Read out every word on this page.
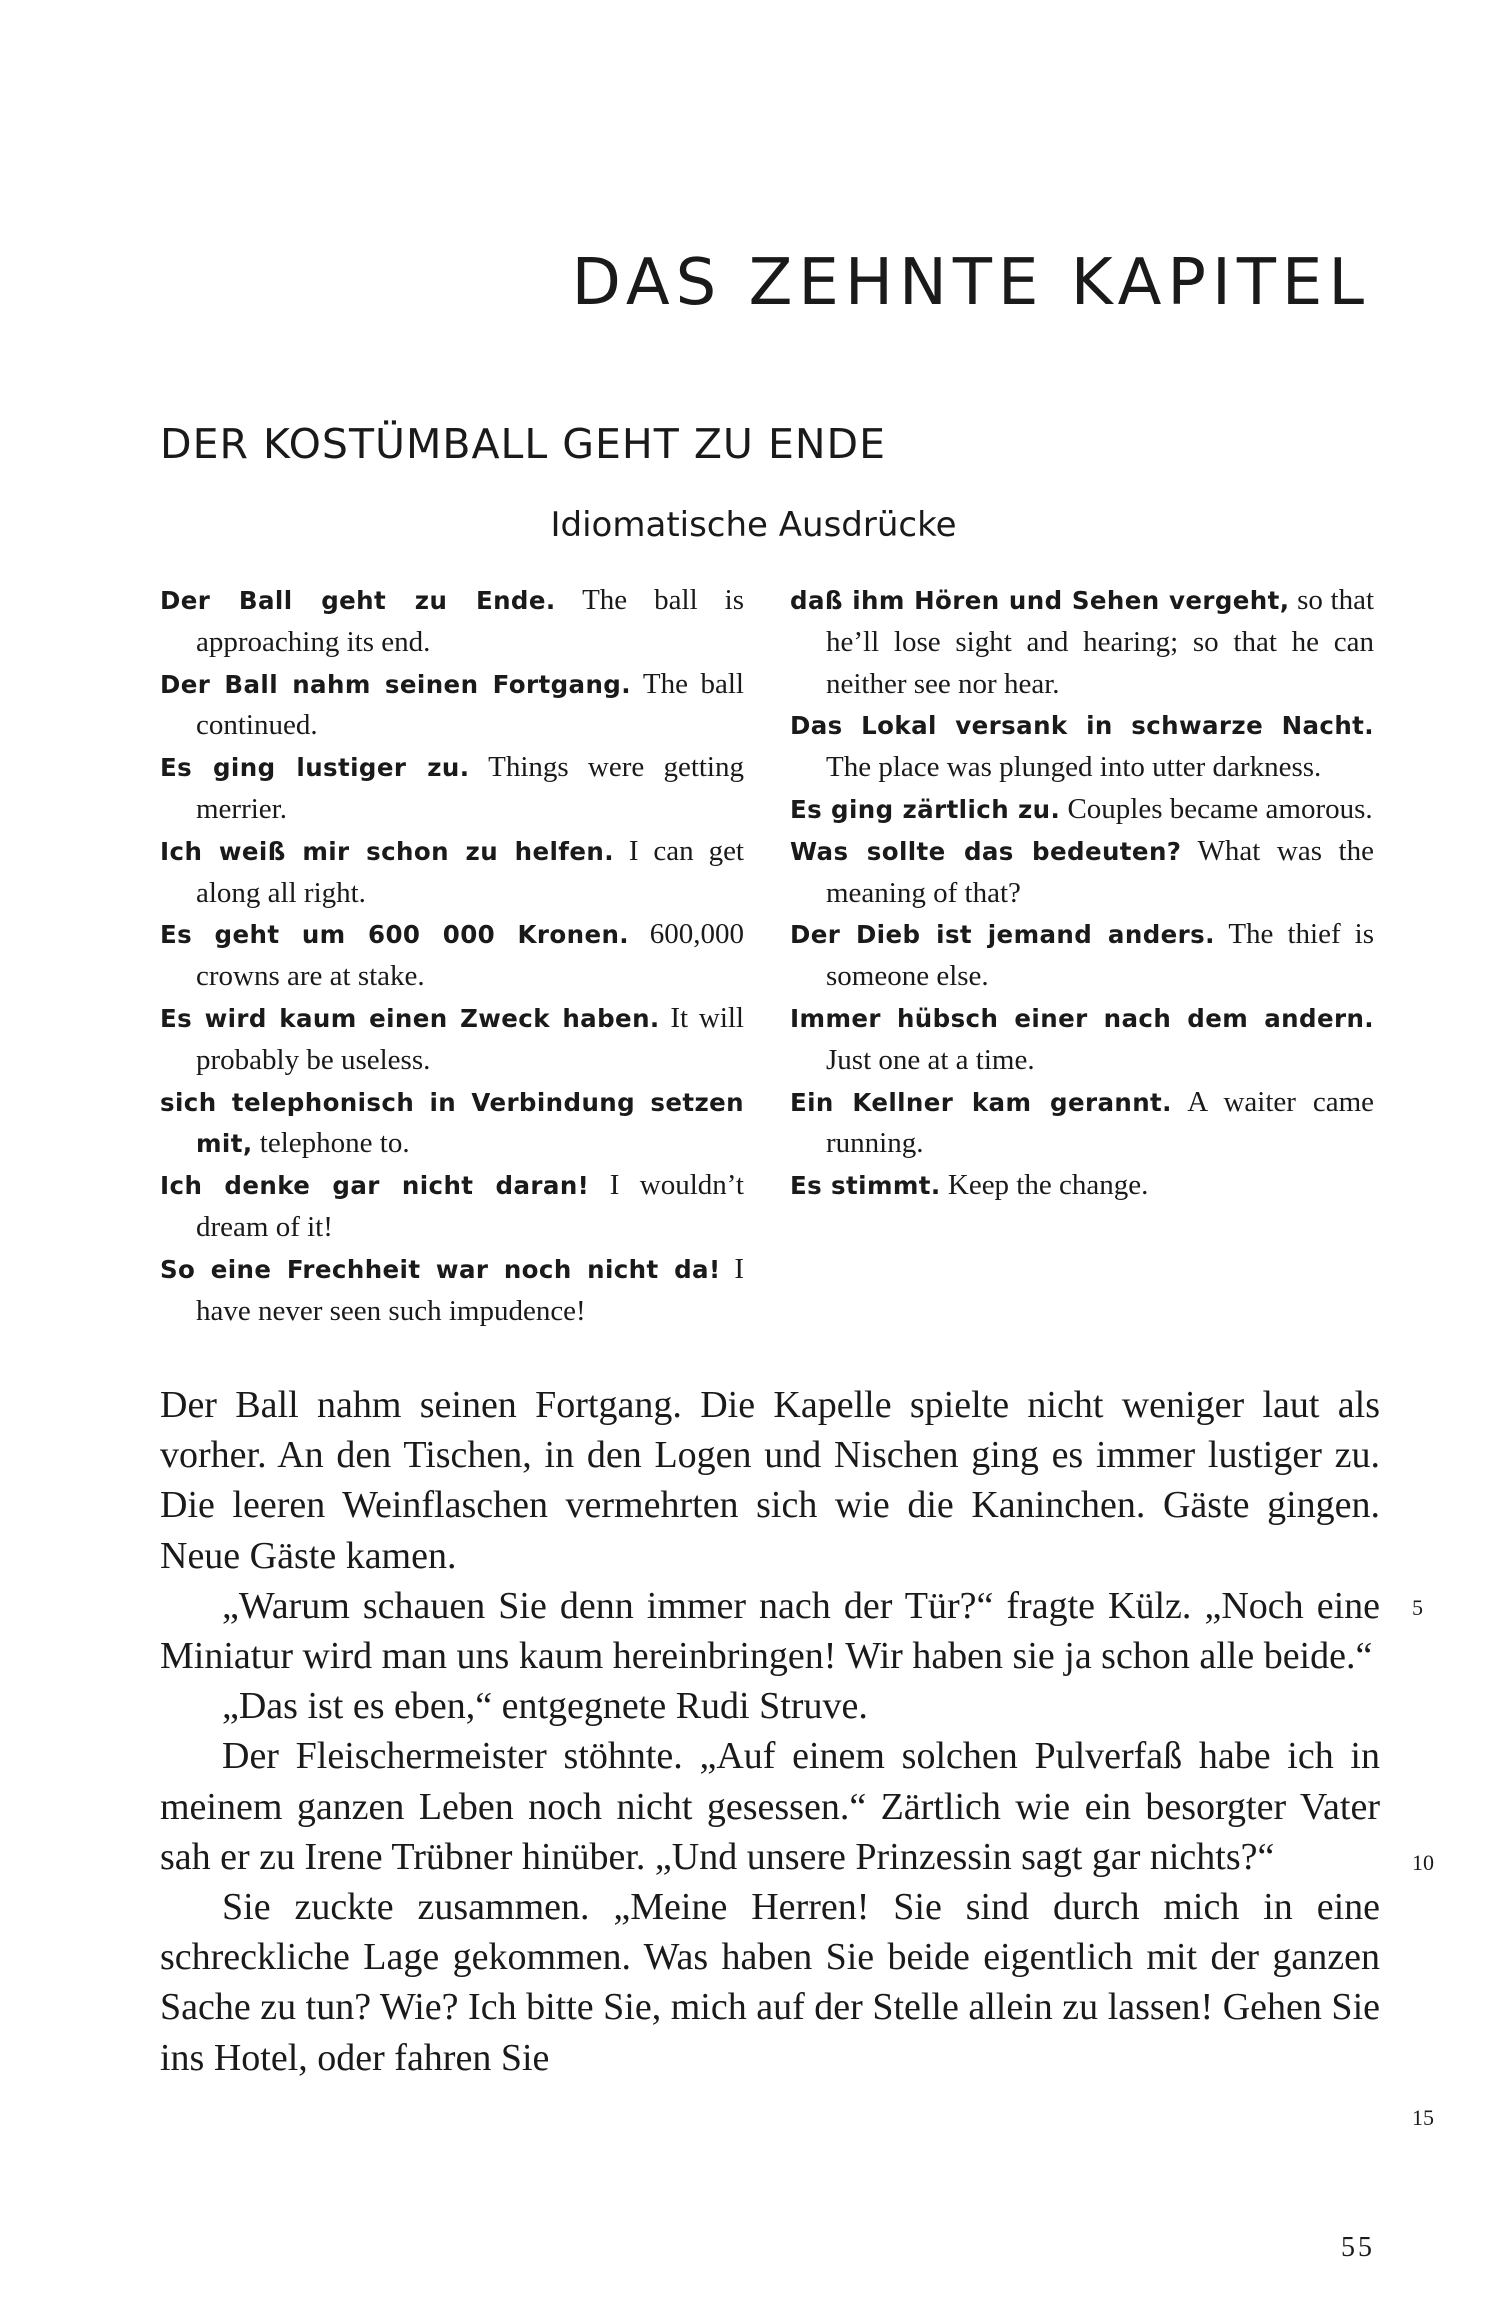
DAS ZEHNTE KAPITEL
DER KOSTÜMBALL GEHT ZU ENDE
Idiomatische Ausdrücke

Der Ball geht zu Ende. The ball is approaching its end.

Der Ball nahm seinen Fortgang. The ball continued.

Es ging lustiger zu. Things were getting merrier.

Ich weiß mir schon zu helfen. I can get along all right.

Es geht um 600 000 Kronen. 600,000 crowns are at stake.

Es wird kaum einen Zweck haben. It will probably be useless.

sich telephonisch in Verbindung setzen mit, telephone to.

Ich denke gar nicht daran! I wouldn’t dream of it!

So eine Frechheit war noch nicht da! I have never seen such impudence!

daß ihm Hören und Sehen vergeht, so that he’ll lose sight and hearing; so that he can neither see nor hear.

Das Lokal versank in schwarze Nacht. The place was plunged into utter darkness.

Es ging zärtlich zu. Couples became amorous.

Was sollte das bedeuten? What was the meaning of that?

Der Dieb ist jemand anders. The thief is someone else.

Immer hübsch einer nach dem andern. Just one at a time.

Ein Kellner kam gerannt. A waiter came running.

Es stimmt. Keep the change.

Der Ball nahm seinen Fortgang. Die Kapelle spielte nicht weniger laut als vorher. An den Tischen, in den Logen und Nischen ging es immer lustiger zu. Die leeren Weinflaschen vermehrten sich wie die Kaninchen. Gäste gingen. Neue Gäste kamen.

„Warum schauen Sie denn immer nach der Tür?“ fragte Külz. „Noch eine Miniatur wird man uns kaum hereinbringen! Wir haben sie ja schon alle beide.“

„Das ist es eben,“ entgegnete Rudi Struve.

Der Fleischermeister stöhnte. „Auf einem solchen Pulverfaß habe ich in meinem ganzen Leben noch nicht gesessen.“ Zärtlich wie ein besorgter Vater sah er zu Irene Trübner hinüber. „Und unsere Prinzessin sagt gar nichts?“

Sie zuckte zusammen. „Meine Herren! Sie sind durch mich in eine schreckliche Lage gekommen. Was haben Sie beide eigentlich mit der ganzen Sache zu tun? Wie? Ich bitte Sie, mich auf der Stelle allein zu lassen! Gehen Sie ins Hotel, oder fahren Sie

5
10
15
55
